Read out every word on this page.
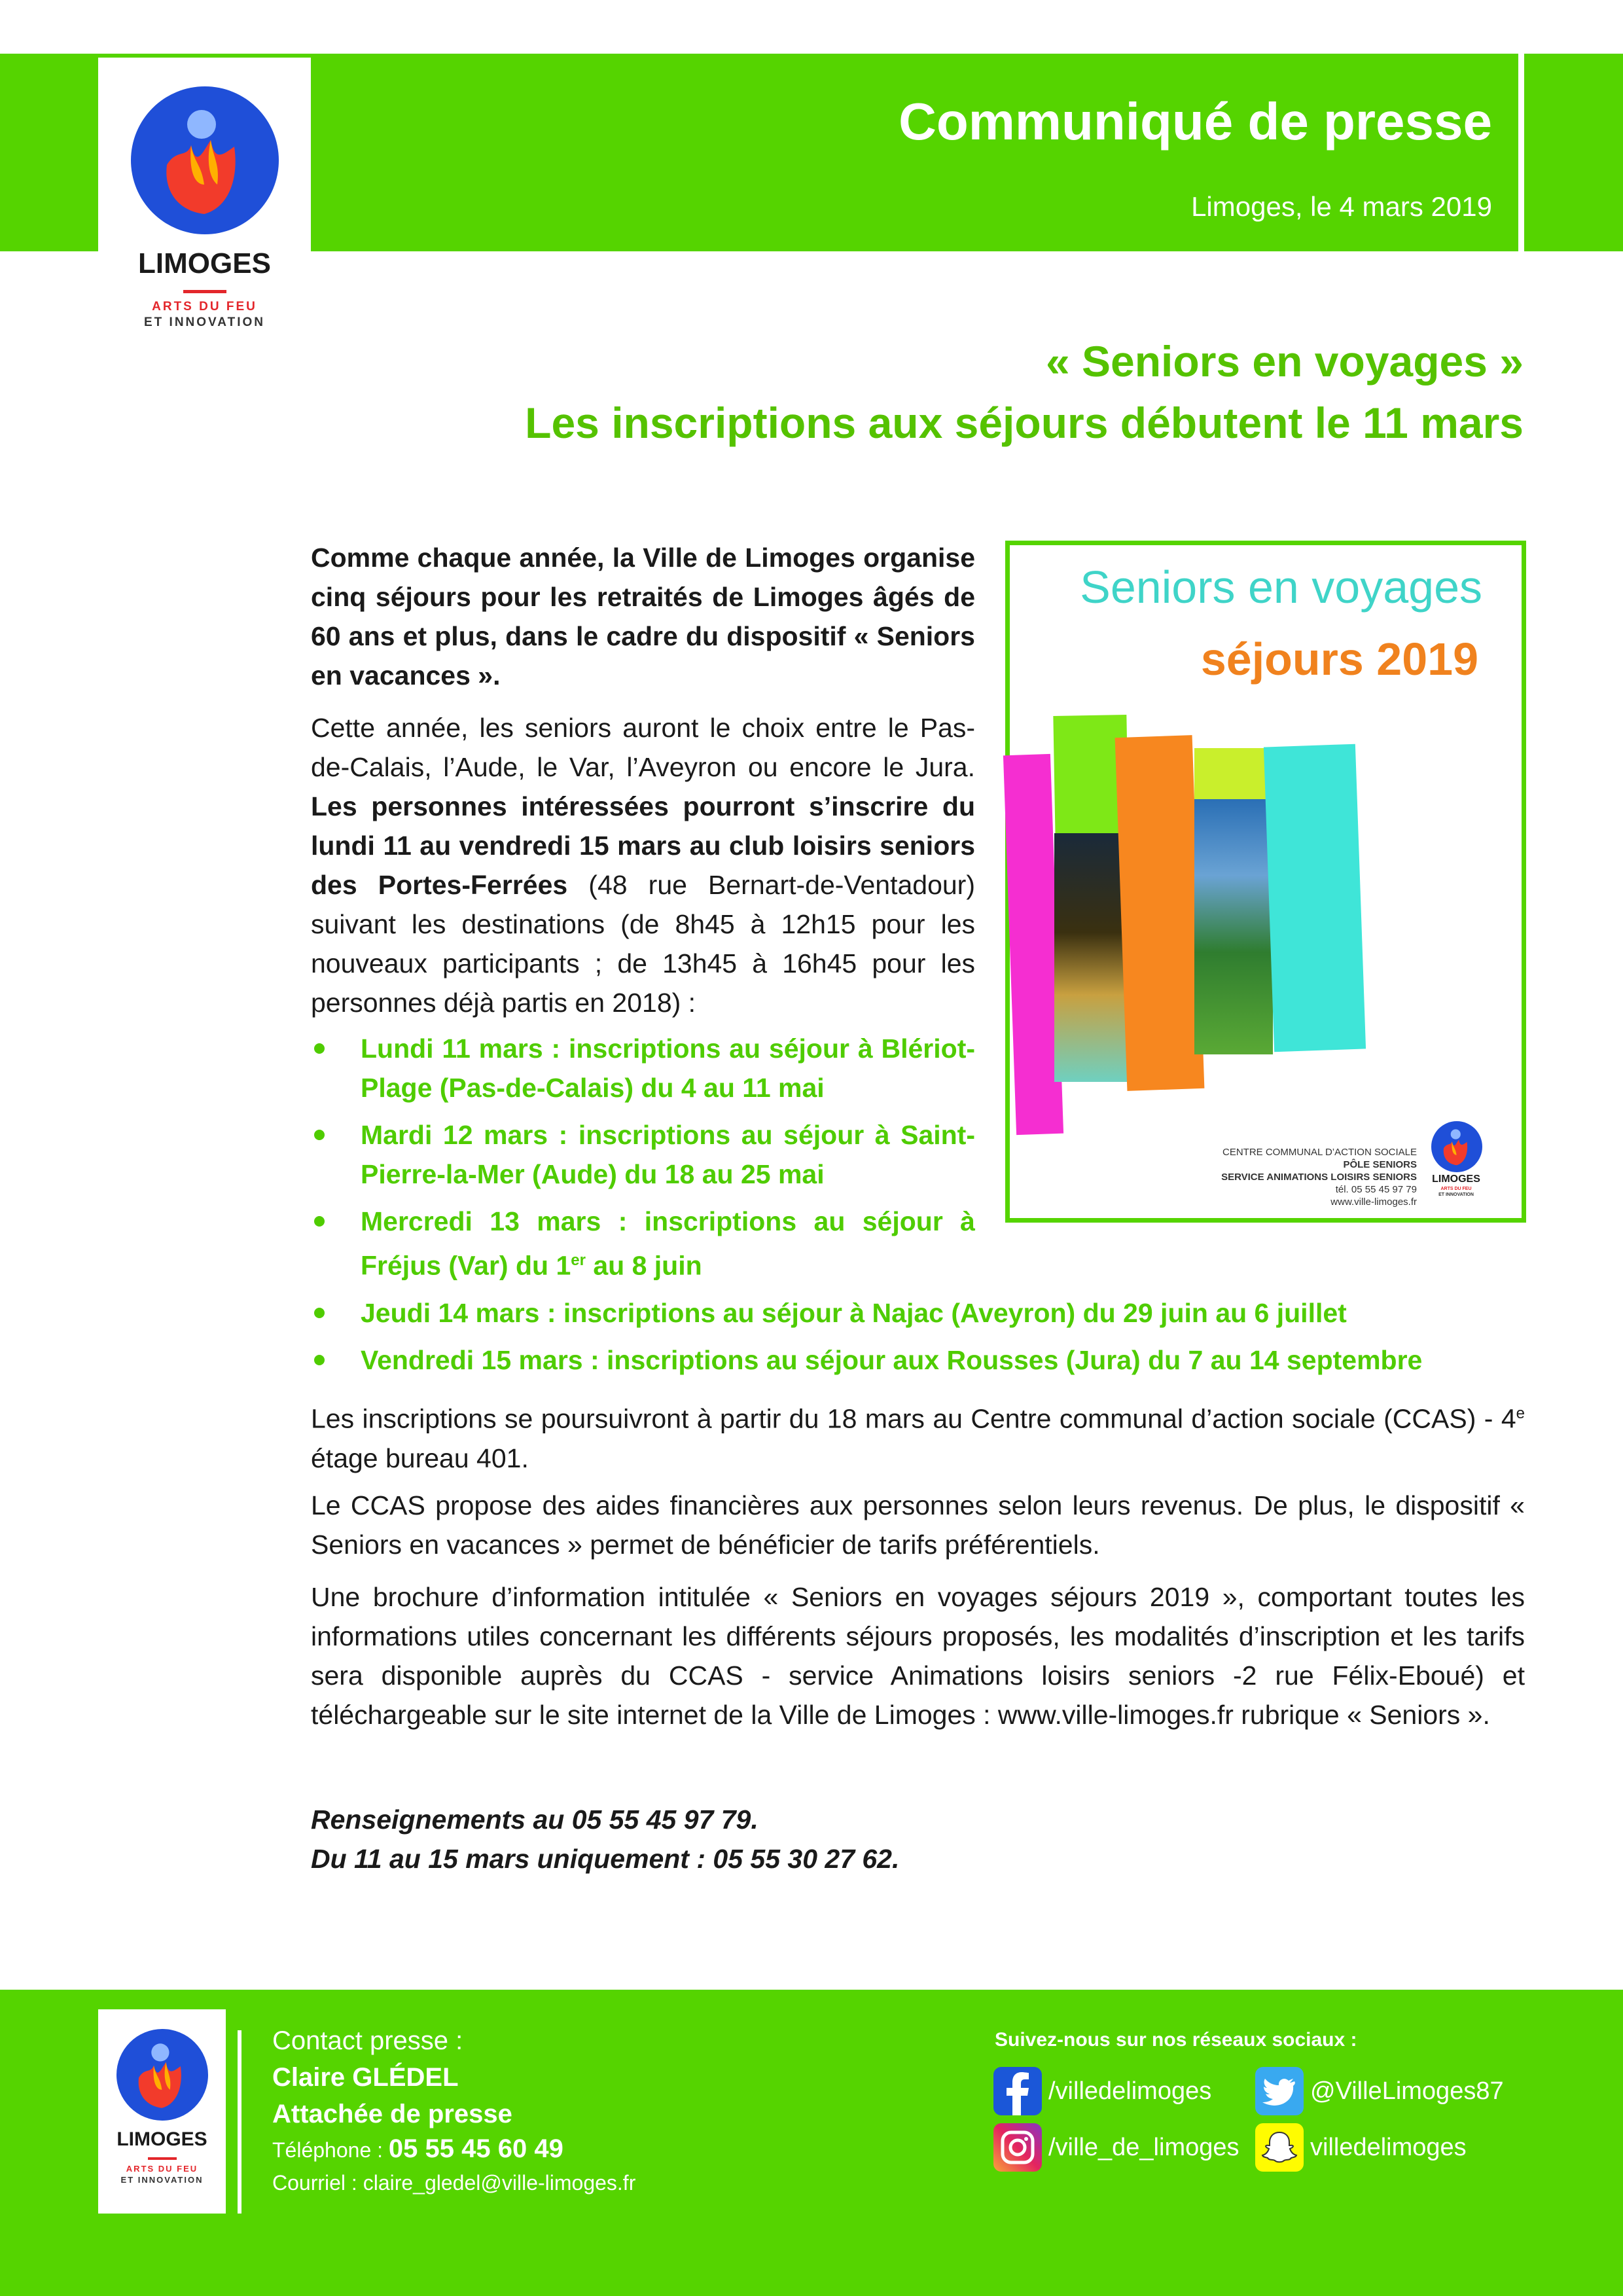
Communiqué de presse
Limoges, le 4 mars 2019
LIMOGES
ARTS DU FEU
ET INNOVATION
« Seniors en voyages »
Les inscriptions aux séjours débutent le 11 mars

Comme chaque année, la Ville de Limoges organise cinq séjours pour les retraités de Limoges âgés de 60 ans et plus, dans le cadre du dispositif « Seniors en vacances ».

Cette année, les seniors auront le choix entre le Pas-de-Calais, l’Aude, le Var, l’Aveyron ou encore le Jura. Les personnes intéressées pourront s’inscrire du lundi 11 au vendredi 15 mars au club loisirs seniors des Portes-Ferrées (48 rue Bernart-de-Ventadour) suivant les destinations (de 8h45 à 12h15 pour les nouveaux participants ; de 13h45 à 16h45 pour les personnes déjà partis en 2018) :

Lundi 11 mars : inscriptions au séjour à Blériot-Plage (Pas-de-Calais) du 4 au 11 mai
Mardi 12 mars : inscriptions au séjour à Saint-Pierre-la-Mer (Aude) du 18 au 25 mai
Mercredi 13 mars : inscriptions au séjour à Fréjus (Var) du 1er au 8 juin
Jeudi 14 mars : inscriptions au séjour à Najac (Aveyron) du 29 juin au 6 juillet
Vendredi 15 mars : inscriptions au séjour aux Rousses (Jura) du 7 au 14 septembre

Les inscriptions se poursuivront à partir du 18 mars au Centre communal d’action sociale (CCAS) - 4e étage bureau 401.

Le CCAS propose des aides financières aux personnes selon leurs revenus. De plus, le dispositif « Seniors en vacances » permet de bénéficier de tarifs préférentiels.

Une brochure d’information intitulée « Seniors en voyages séjours 2019 », comportant toutes les informations utiles concernant les différents séjours proposés, les modalités d’inscription et les tarifs sera disponible auprès du CCAS - service Animations loisirs seniors -2 rue Félix-Eboué) et téléchargeable sur le site internet de la Ville de Limoges : www.ville-limoges.fr rubrique « Seniors ».

Renseignements au 05 55 45 97 79.
Du 11 au 15 mars uniquement : 05 55 30 27 62.
Seniors en voyages
séjours 2019
CENTRE COMMUNAL D’ACTION SOCIALE
PÔLE SENIORS
SERVICE ANIMATIONS LOISIRS SENIORS
tél. 05 55 45 97 79
www.ville-limoges.fr
LIMOGES
ARTS DU FEU
ET INNOVATION
LIMOGES
ARTS DU FEU
ET INNOVATION
Contact presse :
Claire GLÉDEL
Attachée de presse
Téléphone : 05 55 45 60 49
Courriel : claire_gledel@ville-limoges.fr
Suivez-nous sur nos réseaux sociaux :
/villedelimoges	@VilleLimoges87
/ville_de_limoges	villedelimoges
